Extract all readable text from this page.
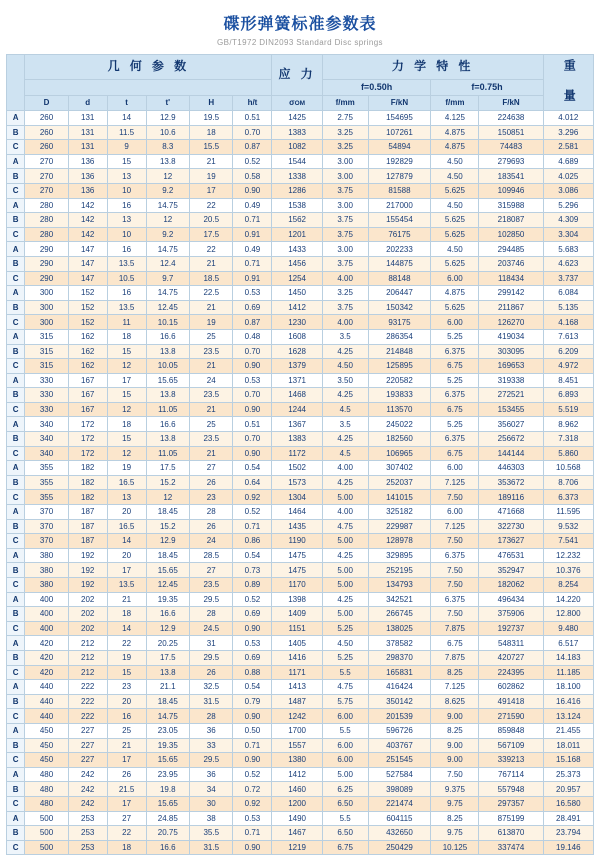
碟形弹簧标准参数表
GB/T1972 DIN2093 Standard Disc springs
	几 何 参 数						应 力	力 学 特 性				重 量
								f=0.50h		f=0.75h		
	D	d	t	t'	H	h/t	σOM	f/mm	F/kN	f/mm	F/kN	
A	260	131	14	12.9	19.5	0.51	1425	2.75	154695	4.125	224638	4.012
B	260	131	11.5	10.6	18	0.70	1383	3.25	107261	4.875	150851	3.296
C	260	131	9	8.3	15.5	0.87	1082	3.25	54894	4.875	74483	2.581
A	270	136	15	13.8	21	0.52	1544	3.00	192829	4.50	279693	4.689
B	270	136	13	12	19	0.58	1338	3.00	127879	4.50	183541	4.025
C	270	136	10	9.2	17	0.90	1286	3.75	81588	5.625	109946	3.086
A	280	142	16	14.75	22	0.49	1538	3.00	217000	4.50	315988	5.296
B	280	142	13	12	20.5	0.71	1562	3.75	155454	5.625	218087	4.309
C	280	142	10	9.2	17.5	0.91	1201	3.75	76175	5.625	102850	3.304
A	290	147	16	14.75	22	0.49	1433	3.00	202233	4.50	294485	5.683
B	290	147	13.5	12.4	21	0.71	1456	3.75	144875	5.625	203746	4.623
C	290	147	10.5	9.7	18.5	0.91	1254	4.00	88148	6.00	118434	3.737
A	300	152	16	14.75	22.5	0.53	1450	3.25	206447	4.875	299142	6.084
B	300	152	13.5	12.45	21	0.69	1412	3.75	150342	5.625	211867	5.135
C	300	152	11	10.15	19	0.87	1230	4.00	93175	6.00	126270	4.168
A	315	162	18	16.6	25	0.48	1608	3.5	286354	5.25	419034	7.613
B	315	162	15	13.8	23.5	0.70	1628	4.25	214848	6.375	303095	6.209
C	315	162	12	10.05	21	0.90	1379	4.50	125895	6.75	169653	4.972
A	330	167	17	15.65	24	0.53	1371	3.50	220582	5.25	319338	8.451
B	330	167	15	13.8	23.5	0.70	1468	4.25	193833	6.375	272521	6.893
C	330	167	12	11.05	21	0.90	1244	4.5	113570	6.75	153455	5.519
A	340	172	18	16.6	25	0.51	1367	3.5	245022	5.25	356027	8.962
B	340	172	15	13.8	23.5	0.70	1383	4.25	182560	6.375	256672	7.318
C	340	172	12	11.05	21	0.90	1172	4.5	106965	6.75	144144	5.860
A	355	182	19	17.5	27	0.54	1502	4.00	307402	6.00	446303	10.568
B	355	182	16.5	15.2	26	0.64	1573	4.25	252037	7.125	353672	8.706
C	355	182	13	12	23	0.92	1304	5.00	141015	7.50	189116	6.373
A	370	187	20	18.45	28	0.52	1464	4.00	325182	6.00	471668	11.595
B	370	187	16.5	15.2	26	0.71	1435	4.75	229987	7.125	322730	9.532
C	370	187	14	12.9	24	0.86	1190	5.00	128978	7.50	173627	7.541
A	380	192	20	18.45	28.5	0.54	1475	4.25	329895	6.375	476531	12.232
B	380	192	17	15.65	27	0.73	1475	5.00	252195	7.50	352947	10.376
C	380	192	13.5	12.45	23.5	0.89	1170	5.00	134793	7.50	182062	8.254
A	400	202	21	19.35	29.5	0.52	1398	4.25	342521	6.375	496434	14.220
B	400	202	18	16.6	28	0.69	1409	5.00	266745	7.50	375906	12.800
C	400	202	14	12.9	24.5	0.90	1151	5.25	138025	7.875	192737	9.480
A	420	212	22	20.25	31	0.53	1405	4.50	378582	6.75	548311	6.517
B	420	212	19	17.5	29.5	0.69	1416	5.25	298370	7.875	420727	14.183
C	420	212	15	13.8	26	0.88	1171	5.5	165831	8.25	224395	11.185
A	440	222	23	21.1	32.5	0.54	1413	4.75	416424	7.125	602862	18.100
B	440	222	20	18.45	31.5	0.79	1487	5.75	350142	8.625	491418	16.416
C	440	222	16	14.75	28	0.90	1242	6.00	201539	9.00	271590	13.124
A	450	227	25	23.05	36	0.50	1700	5.5	596726	8.25	859848	21.455
B	450	227	21	19.35	33	0.71	1557	6.00	403767	9.00	567109	18.011
C	450	227	17	15.65	29.5	0.90	1380	6.00	251545	9.00	339213	15.168
A	480	242	26	23.95	36	0.52	1412	5.00	527584	7.50	767114	25.373
B	480	242	21.5	19.8	34	0.72	1460	6.25	398089	9.375	557948	20.957
C	480	242	17	15.65	30	0.92	1200	6.50	221474	9.75	297357	16.580
A	500	253	27	24.85	38	0.53	1490	5.5	604115	8.25	875199	28.491
B	500	253	22	20.75	35.5	0.71	1467	6.50	432650	9.75	613870	23.794
C	500	253	18	16.6	31.5	0.90	1219	6.75	250429	10.125	337474	19.146
